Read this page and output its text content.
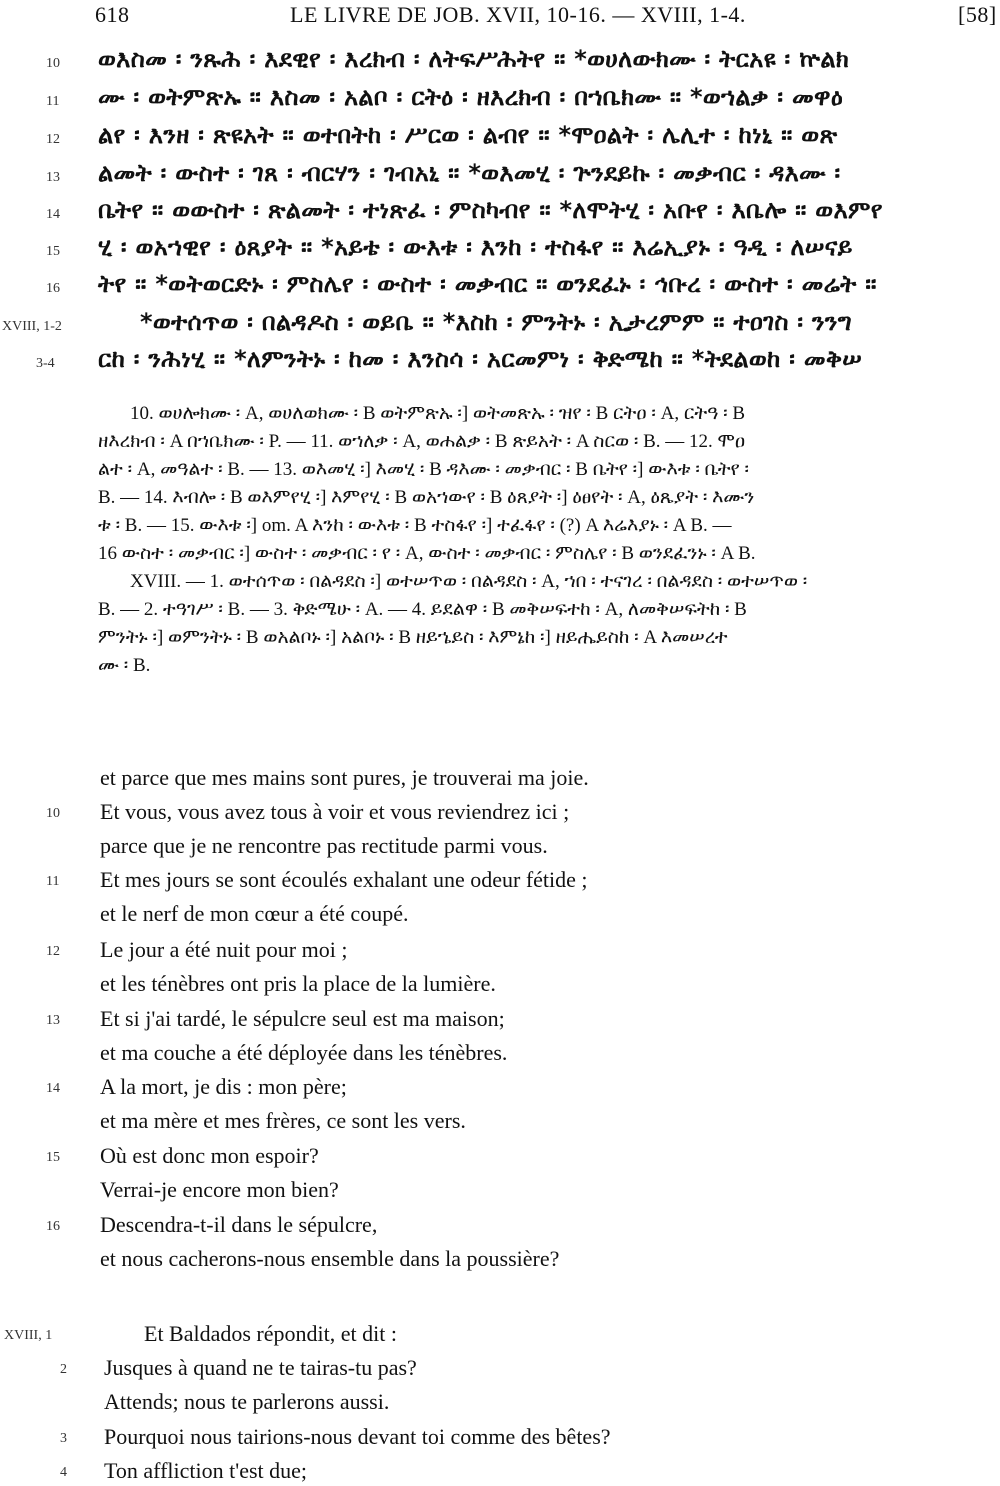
618	LE LIVRE DE JOB. XVII, 10-16. — XVIII, 1-4.	[58]
10 ወእስመ ፡ ንጹሕ ፡ እደዊየ ፡ እረክብ ፡ ለትፍሥሕትየ ። *ወሀለውክሙ ፡ ትርአዩ ፡ ኵልክ
11 ሙ ፡ ወትምጽኡ ። እስመ ፡ አልቦ ፡ ርትዕ ፡ ዘእረክብ ፡ በኀቤክሙ ። *ወኀልቃ ፡ መዋዕ
12 ልየ ፡ እንዘ ፡ ጽዩአት ። ወተበትከ ፡ ሥርወ ፡ ልብየ ። *ሞዐልት ፡ ሌሊተ ፡ ከነኒ ። ወጽ
13 ልመት ፡ ውስተ ፡ ገጸ ፡ ብርሃን ፡ ገብአኒ ። *ወእመሂ ፡ ጕንደይኩ ፡ መቃብር ፡ ዳእሙ ፡
14 ቤትየ ። ወውስተ ፡ ጽልመት ፡ ተነጽፈ ፡ ምስካብየ ። *ለሞትሂ ፡ አቡየ ፡ እቤሎ ። ወእምየ
15 ሂ ፡ ወአኀዊየ ፡ ዕጸያት ። *አይቴ ፡ ውእቱ ፡ እንከ ፡ ተስፋየ ። እሬኢያኑ ፡ ዓዲ ፡ ለሠናይ
16 ትየ ። *ወትወርድኑ ፡ ምስሌየ ፡ ውስተ ፡ መቃብር ። ወንደፈኑ ፡ ኅቡረ ፡ ውስተ ፡ መሬት ።
XVIII, 1-2	*ወተሰጥወ ፡ በልዳዶስ ፡ ወይቤ ። *እስከ ፡ ምንትኑ ፡ ኢታረምም ። ተዐገስ ፡ ንንግ
3-4 ርከ ፡ ንሕነሂ ። *ለምንትኑ ፡ ከመ ፡ እንስሳ ፡ አርመምነ ፡ ቅድሜከ ። *ትደልወከ ፡ መቅሠ
10. ወሀሎክሙ ፡ A, ወሀለወክሙ ፡ B ወትምጽኡ ፡] ወትመጽኡ ፡ ዝየ ፡ B ርትዐ ፡ A, ርትዓ ፡ B
ዘእረክብ ፡ A በኀቤክሙ ፡ P. — 11. ወኀለቃ ፡ A, ወሐልቃ ፡ B ጽይአት ፡ A ስርወ ፡ B. — 12. ሞዐ
ልተ ፡ A, መዓልተ ፡ B. — 13. ወእመሂ ፡] እመሂ ፡ B ዳእሙ ፡ መቃብር ፡ B ቤትየ ፡] ውእቱ ፡ ቤትየ ፡
B. — 14. እብሎ ፡ B ወእምየሂ ፡] እምየሂ ፡ B ወአኀውየ ፡ B ዕጸያት ፡] ዕፀየት ፡ A, ዕጼያት ፡ እሙን
ቱ ፡ B. — 15. ውእቱ ፡] om. A እንከ ፡ ውእቱ ፡ B ተስፋየ ፡] ተፈፋየ ፡ (?) A እሬእያኑ ፡ A B. —
16 ውስተ ፡ መቃብር ፡] ውስተ ፡ መቃብር ፡ የ ፡ A, ውስተ ፡ መቃብር ፡ ምስሌየ ፡ B ወንደፈንኑ ፡ A B.
XVIII. — 1. ወተሰጥወ ፡ በልዳደስ ፡] ወተሠጥወ ፡ በልዳደስ ፡ A, ኀበ ፡ ተናገረ ፡ በልዳደስ ፡ ወተሠጥወ ፡
B. — 2. ተዓገሥ ፡ B. — 3. ቅድሜሁ ፡ A. — 4. ይደልዋ ፡ B መቅሠፍተከ ፡ A, ለመቅሠፍትከ ፡ B
ምንትኑ ፡] ወምንትኑ ፡ B ወአልቦኑ ፡] አልቦኑ ፡ B ዘይኄይስ ፡ እምኔከ ፡] ዘይሔይስከ ፡ A እመሠረተ
ሙ ፡ B.
et parce que mes mains sont pures, je trouverai ma joie.
10 Et vous, vous avez tous à voir et vous reviendrez ici ;
parce que je ne rencontre pas rectitude parmi vous.
11 Et mes jours se sont écoulés exhalant une odeur fétide ;
et le nerf de mon cœur a été coupé.
12 Le jour a été nuit pour moi ;
et les ténèbres ont pris la place de la lumière.
13 Et si j'ai tardé, le sépulcre seul est ma maison;
et ma couche a été déployée dans les ténèbres.
14 A la mort, je dis : mon père;
et ma mère et mes frères, ce sont les vers.
15 Où est donc mon espoir?
Verrai-je encore mon bien?
16 Descendra-t-il dans le sépulcre,
et nous cacherons-nous ensemble dans la poussière?
XVIII, 1	Et Baldados répondit, et dit :
2 Jusques à quand ne te tairas-tu pas?
Attends; nous te parlerons aussi.
3 Pourquoi nous tairions-nous devant toi comme des bêtes?
4 Ton affliction t'est due;
